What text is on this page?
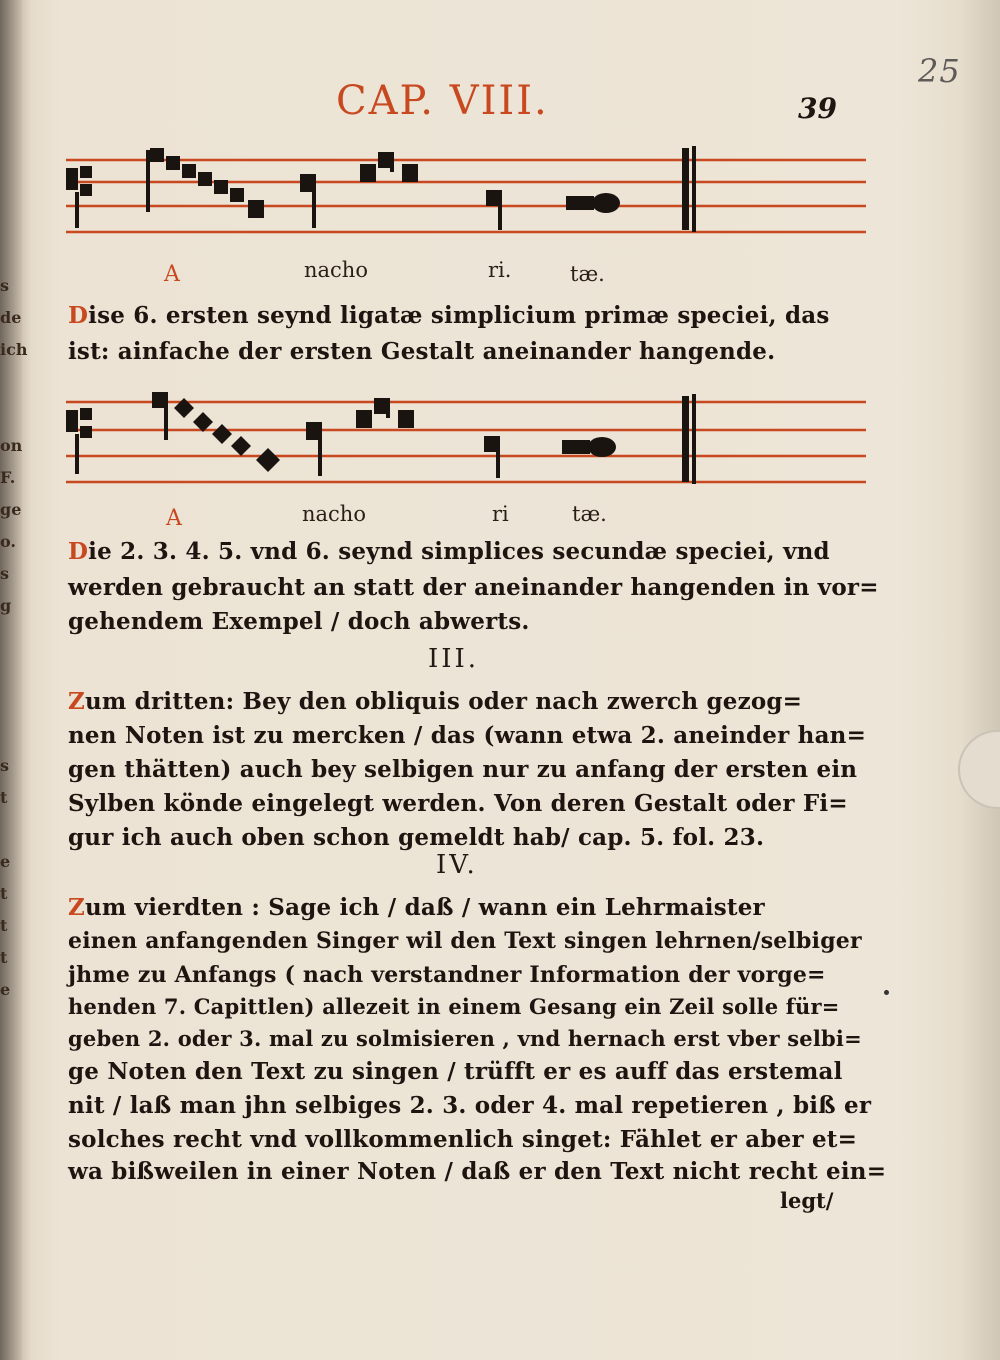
s
de
ich
on
F.
ge
o.
s
g
s
t
e
t
t
t
e
25
CAP. VIII.	39
A	nacho	ri.	tæ.
Dise 6. ersten seynd ligatæ simplicium primæ speciei, das
ist: ainfache der ersten Gestalt aneinander hangende.
A	nacho	ri	tæ.
Die 2. 3. 4. 5. vnd 6. seynd simplices secundæ speciei, vnd
werden gebraucht an statt der aneinander hangenden in vor=
gehendem Exempel / doch abwerts.
III.
Zum dritten: Bey den obliquis oder nach zwerch gezog=
nen Noten ist zu mercken / das (wann etwa 2. aneinder han=
gen thätten) auch bey selbigen nur zu anfang der ersten ein
Sylben könde eingelegt werden. Von deren Gestalt oder Fi=
gur ich auch oben schon gemeldt hab/ cap. 5. fol. 23.
IV.
Zum vierdten : Sage ich / daß / wann ein Lehrmaister
einen anfangenden Singer wil den Text singen lehrnen/selbiger
jhme zu Anfangs ( nach verstandner Information der vorge=
henden 7. Capittlen) allezeit in einem Gesang ein Zeil solle für=
geben 2. oder 3. mal zu solmisieren , vnd hernach erst vber selbi=
ge Noten den Text zu singen / trüfft er es auff das erstemal
nit / laß man jhn selbiges 2. 3. oder 4. mal repetieren , biß er
solches recht vnd vollkommenlich singet: Fählet er aber et=
wa bißweilen in einer Noten / daß er den Text nicht recht ein=
legt/
